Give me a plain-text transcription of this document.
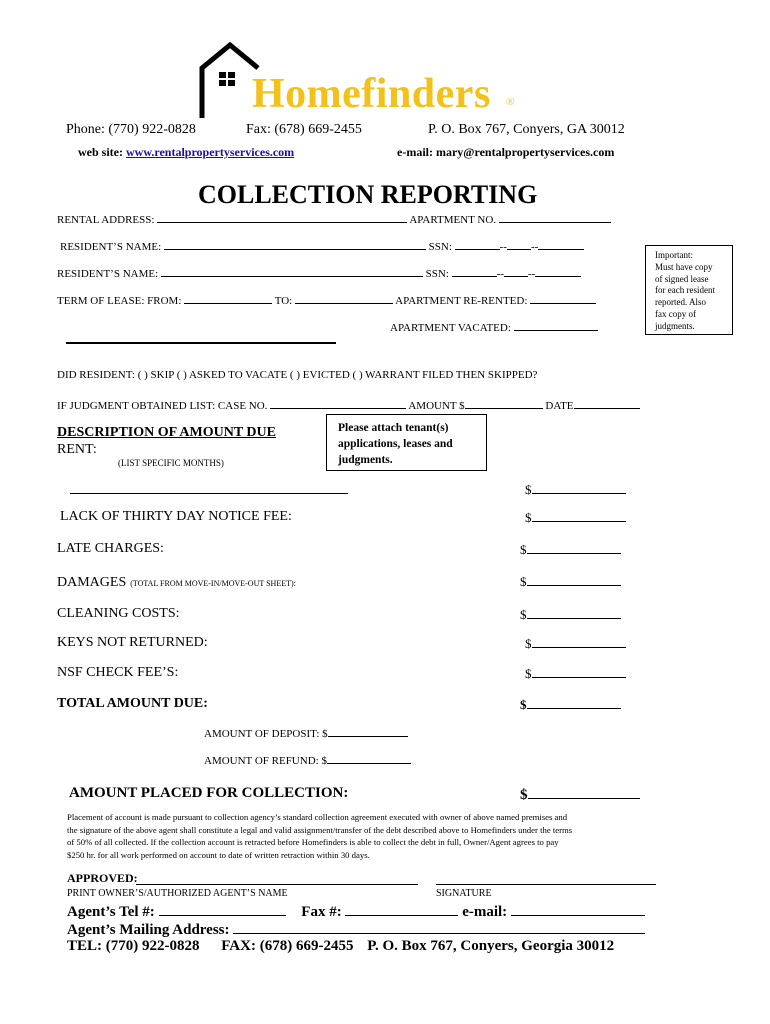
Homefinders ®
Phone: (770) 922-0828	Fax: (678) 669-2455	P. O. Box 767, Conyers, GA 30012
web site: www.rentalpropertyservices.com	e-mail: mary@rentalpropertyservices.com
COLLECTION REPORTING
RENTAL ADDRESS:	APARTMENT NO.
RESIDENT’S NAME:	SSN:	-- --
RESIDENT’S NAME:	SSN:	-- --
TERM OF LEASE: FROM:	TO:	APARTMENT RE-RENTED:
APARTMENT VACATED:
Important:
Must have copy
of signed lease
for each resident
reported. Also
fax copy of
judgments.
DID RESIDENT: ( ) SKIP ( ) ASKED TO VACATE ( ) EVICTED ( ) WARRANT FILED THEN SKIPPED?
IF JUDGMENT OBTAINED LIST: CASE NO.	AMOUNT $	DATE
Please attach tenant(s)
applications, leases and
judgments.
DESCRIPTION OF AMOUNT DUE
RENT:
(LIST SPECIFIC MONTHS)
$
LACK OF THIRTY DAY NOTICE FEE:	$
LATE CHARGES:	$
DAMAGES (TOTAL FROM MOVE-IN/MOVE-OUT SHEET):	$
CLEANING COSTS:	$
KEYS NOT RETURNED:	$
NSF CHECK FEE’S:	$
TOTAL AMOUNT DUE:	$
AMOUNT OF DEPOSIT: $
AMOUNT OF REFUND: $
AMOUNT PLACED FOR COLLECTION:	$
Placement of account is made pursuant to collection agency’s standard collection agreement executed with owner of above named premises and
the signature of the above agent shall constitute a legal and valid assignment/transfer of the debt described above to Homefinders under the terms
of 50% of all collected. If the collection account is retracted before Homefinders is able to collect the debt in full, Owner/Agent agrees to pay
$250 hr. for all work performed on account to date of written retraction within 30 days.
APPROVED:
PRINT OWNER’S/AUTHORIZED AGENT’S NAME	SIGNATURE
Agent’s Tel #:	Fax #:	e-mail:
Agent’s Mailing Address:
TEL: (770) 922-0828 FAX: (678) 669-2455 P. O. Box 767, Conyers, Georgia 30012
